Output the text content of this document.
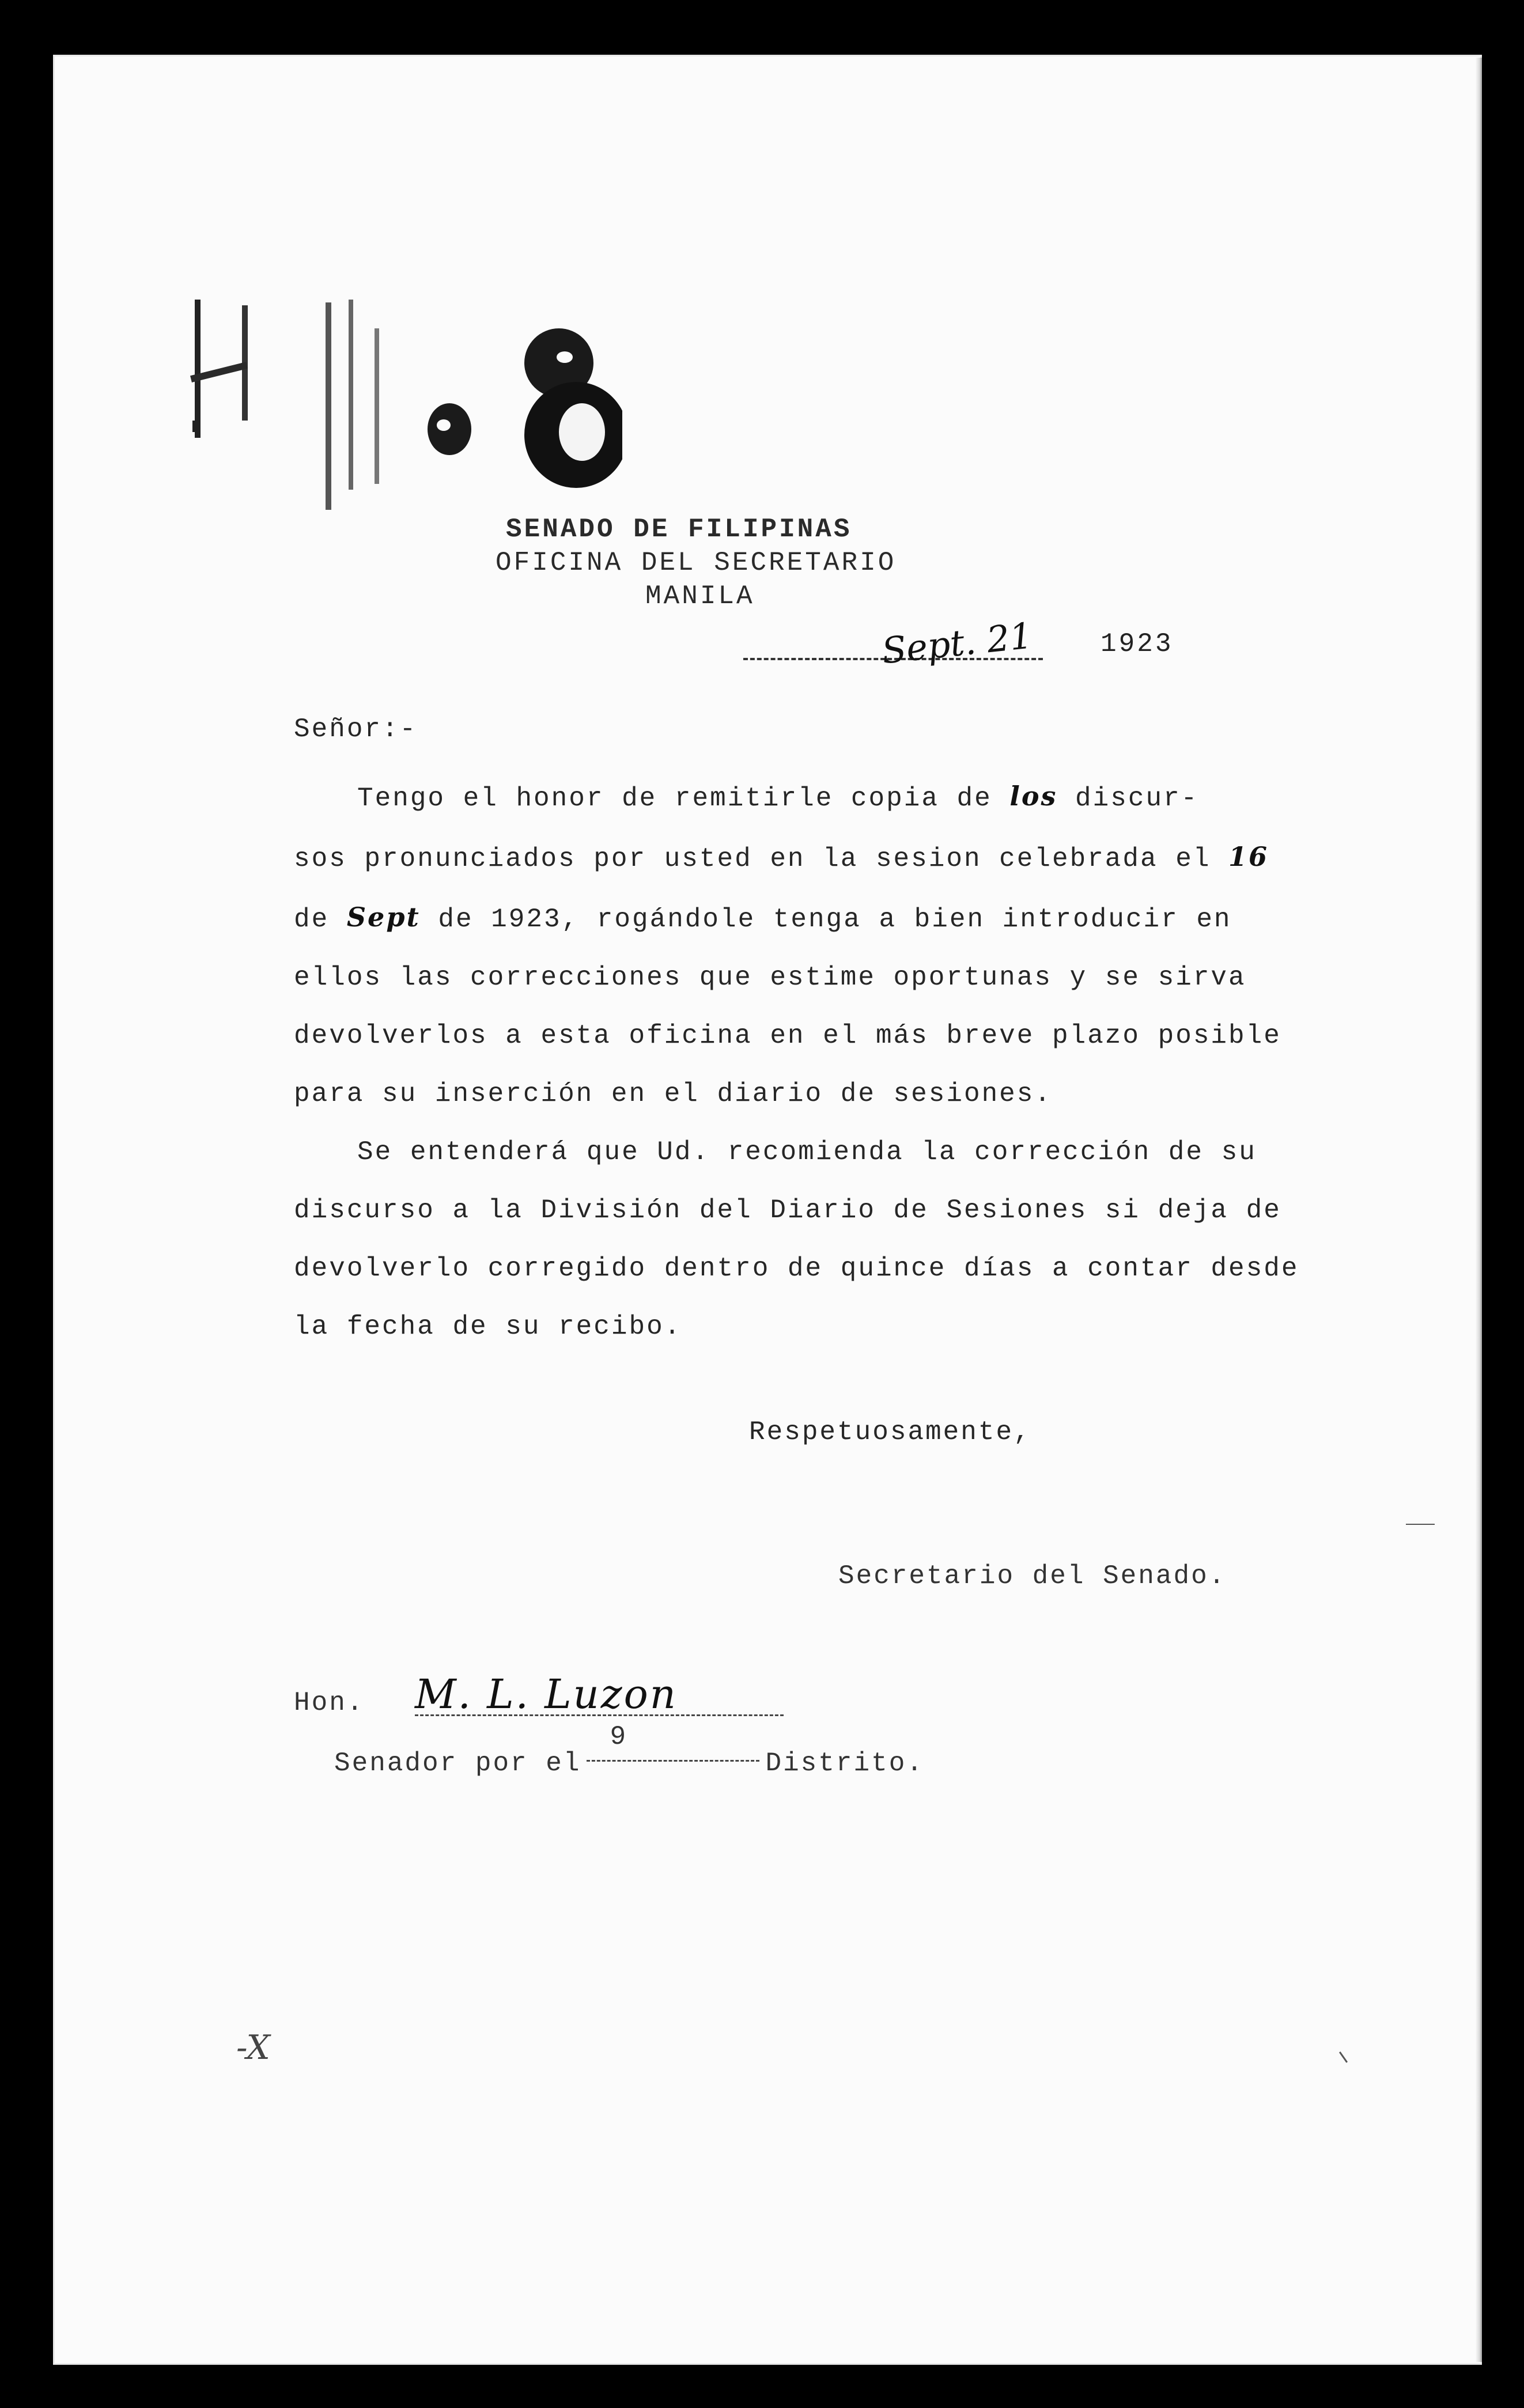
SENADO DE FILIPINAS
OFICINA DEL SECRETARIO
MANILA
Sept. 21 1923
Señor:-
Tengo el honor de remitirle copia de los discur-
sos pronunciados por usted en la sesion celebrada el 16 de Sept de 1923, rogándole tenga a bien introducir en ellos las correcciones que estime oportunas y se sirva devolverlos a esta oficina en el más breve plazo posible para su inserción en el diario de sesiones.
Se entenderá que Ud. recomienda la corrección de su discurso a la División del Diario de Sesiones si deja de devolverlo corregido dentro de quince días a contar desde la fecha de su recibo.
Respetuosamente,
Secretario del Senado.
Hon. M. L. Luzon
Senador por el9Distrito.
-X
